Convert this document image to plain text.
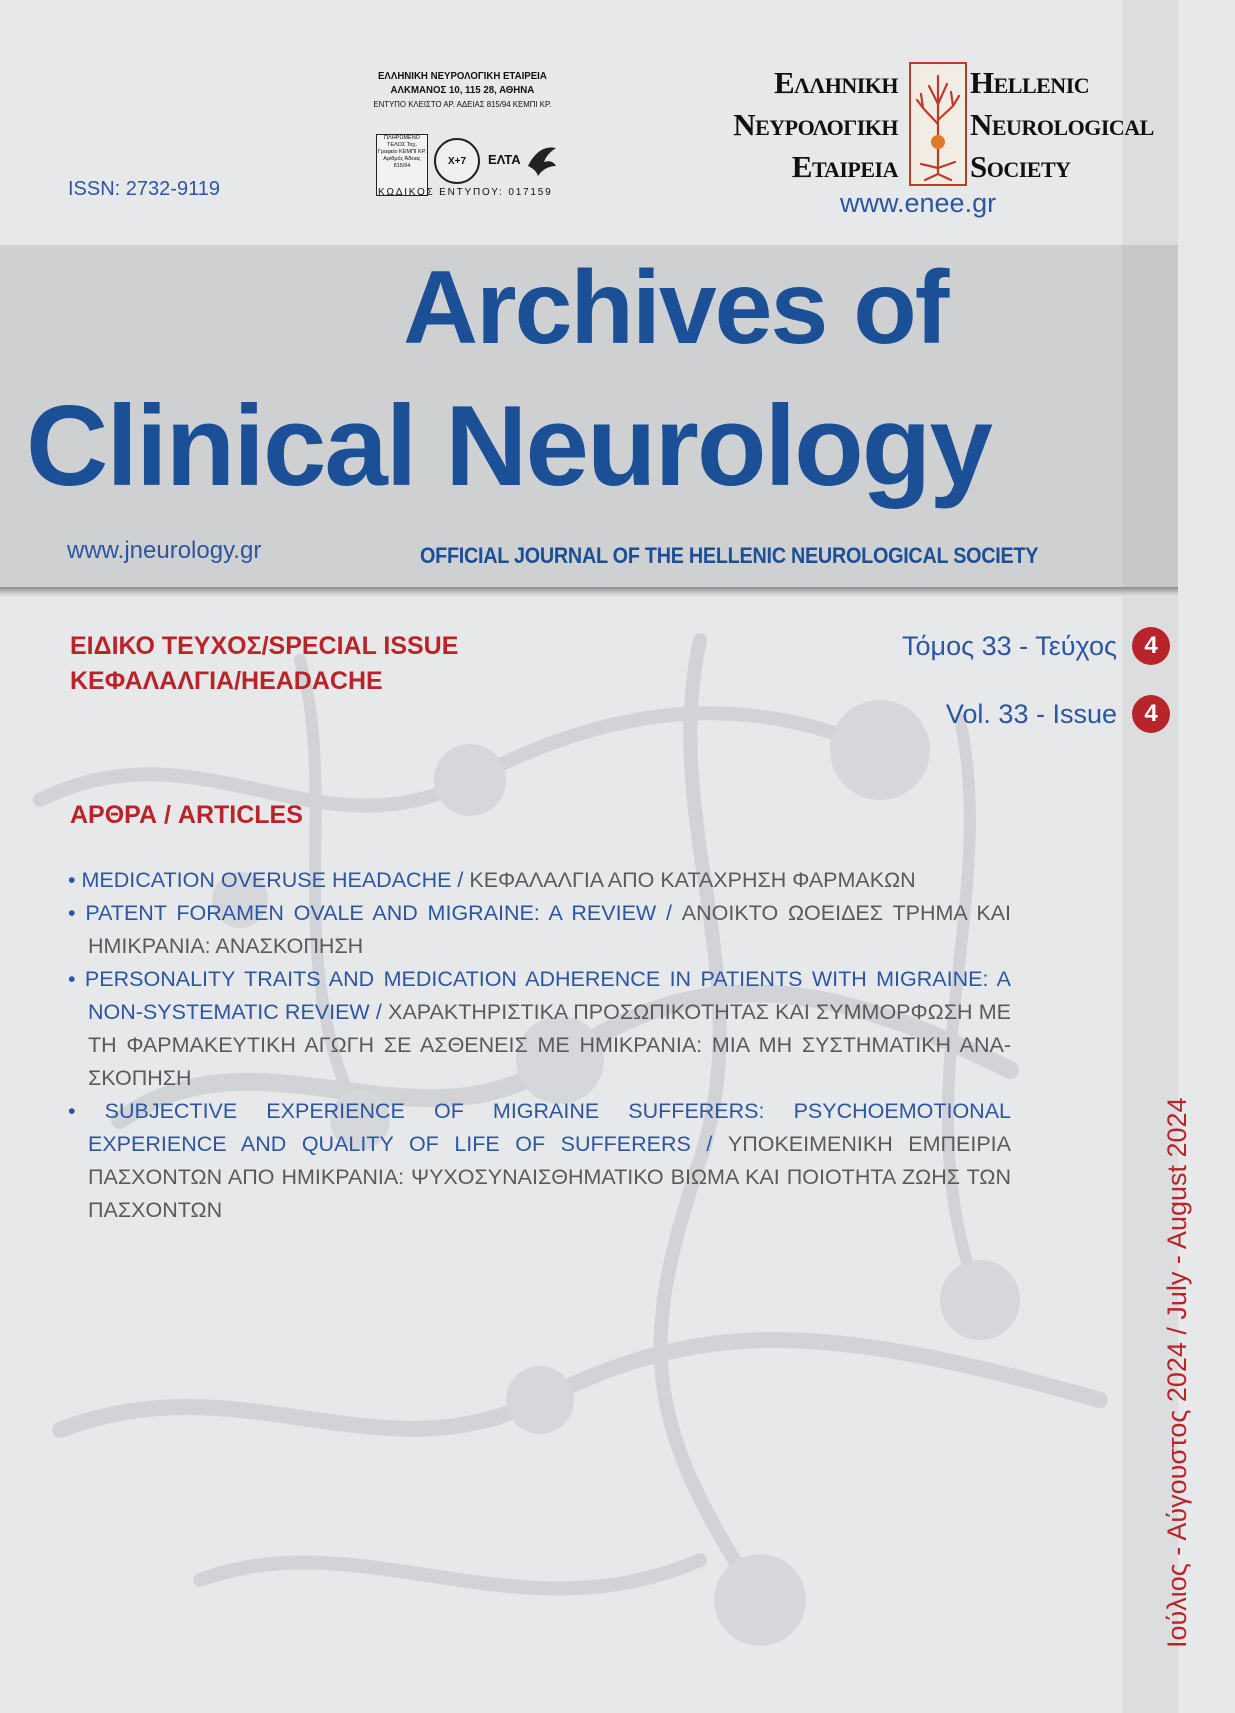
ISSN: 2732-9119
ΕΛΛΗΝΙΚΗ ΝΕΥΡΟΛΟΓΙΚΗ ΕΤΑΙΡΕΙΑ
ΑΛΚΜΑΝΟΣ 10, 115 28, ΑΘΗΝΑ
ΕΝΤΥΠΟ ΚΛΕΙΣΤΟ ΑΡ. ΑΔΕΙΑΣ 815/94 ΚΕΜΠΙ ΚΡ.
ΠΛΗΡΩΜΕΝΟ ΤΕΛΟΣ Ταχ. Γραφείο ΚΕΜΠΙ ΚΡ. Αριθμός Άδειας 815/94	X+7	ΕΛΤΑ
ΚΩΔΙΚΟΣ ΕΝΤΥΠΟΥ: 017159
Ελληνικη
Νευρολογικη
Εταιρεια
Hellenic
Neurological
Society
www.enee.gr
Archives of
Clinical Neurology
www.jneurology.gr	OFFICIAL JOURNAL OF THE HELLENIC NEUROLOGICAL SOCIETY
ΕΙΔΙΚΟ ΤΕΥΧΟΣ/SPECIAL ISSUE
ΚΕΦΑΛΑΛΓΙΑ/HEADACHE
Τόμος 33 - Τεύχος	4
Vol. 33 - Issue	4
ΑΡΘΡΑ / ARTICLES

• MEDICATION OVERUSE HEADACHE / ΚΕΦΑΛΑΛΓΙΑ ΑΠΟ ΚΑΤΑΧΡΗΣΗ ΦΑΡΜΑΚΩΝ

• PATENT FORAMEN OVALE AND MIGRAINE: A REVIEW / ΑΝΟΙΚΤΟ ΩΟΕΙΔΕΣ ΤΡΗΜΑ ΚΑΙ ΗΜΙΚΡΑΝΙΑ: ΑΝΑΣΚΟΠΗΣΗ

• PERSONALITY TRAITS AND MEDICATION ADHERENCE IN PATIENTS WITH MIGRAINE: A NON-SYSTEMATIC REVIEW / ΧΑΡΑΚΤΗΡΙΣΤΙΚΑ ΠΡΟΣΩΠΙΚΟΤΗΤΑΣ ΚΑΙ ΣΥΜΜΟΡΦΩΣΗ ΜΕ ΤΗ ΦΑΡΜΑΚΕΥΤΙΚΗ ΑΓΩΓΗ ΣΕ ΑΣΘΕΝΕΙΣ ΜΕ ΗΜΙΚΡΑΝΙΑ: ΜΙΑ ΜΗ ΣΥΣΤΗΜΑΤΙΚΗ ΑΝΑΣΚΟΠΗΣΗ

• SUBJECTIVE EXPERIENCE OF MIGRAINE SUFFERERS: PSYCHOEMOTIONAL EXPERIENCE AND QUALITY OF LIFE OF SUFFERERS / ΥΠΟΚΕΙΜΕΝΙΚΗ ΕΜΠΕΙΡΙΑ ΠΑΣΧΟΝΤΩΝ ΑΠΟ ΗΜΙΚΡΑΝΙΑ: ΨΥΧΟΣΥΝΑΙΣΘΗΜΑΤΙΚΟ ΒΙΩΜΑ ΚΑΙ ΠΟΙΟΤΗΤΑ ΖΩΗΣ ΤΩΝ ΠΑΣΧΟΝΤΩΝ	Ιούλιος - Αύγουστος 2024 / July - August 2024
